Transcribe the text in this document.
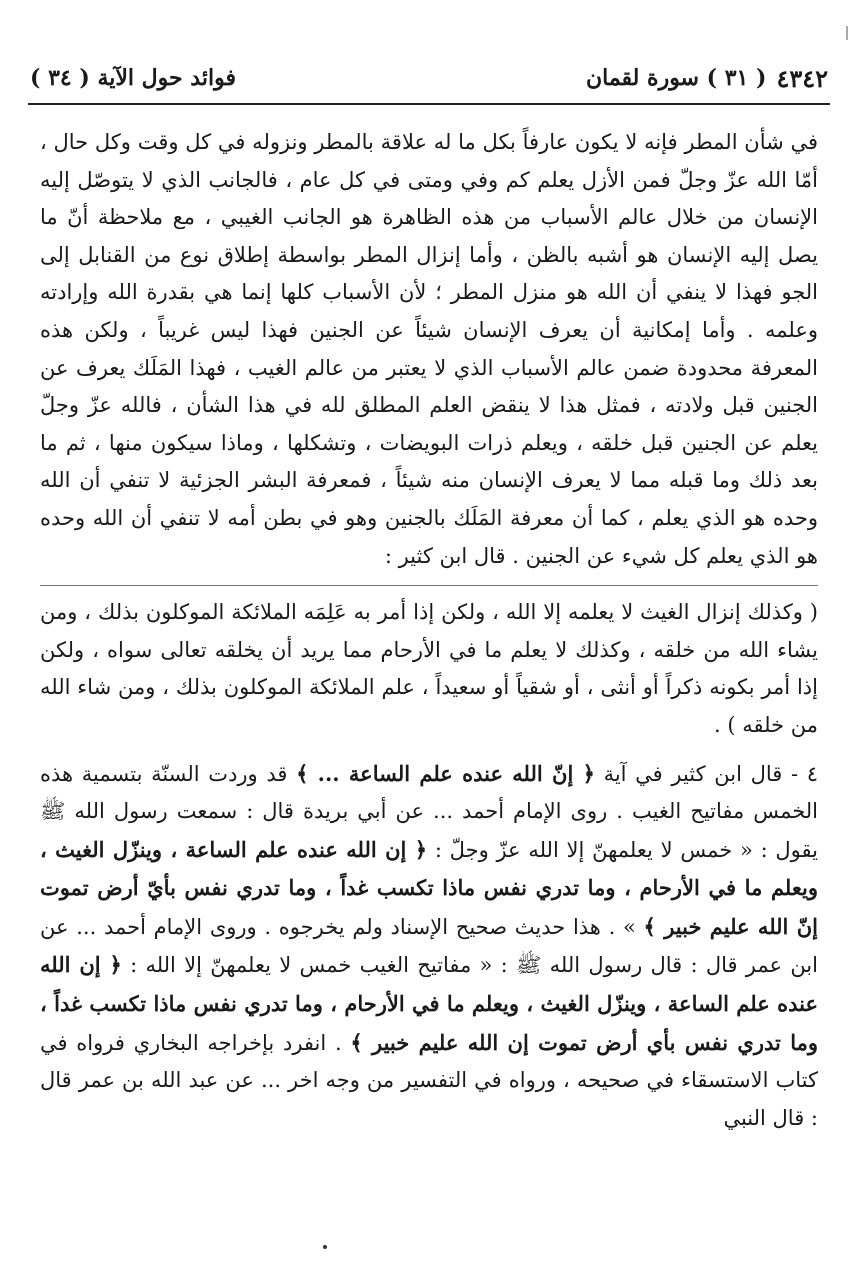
٤٣٤٢
( ٣١ ) سورة لقمان
فوائد حول الآية ( ٣٤ )

في شأن المطر فإنه لا يكون عارفاً بكل ما له علاقة بالمطر ونزوله في كل وقت وكل حال ، أمّا الله عزّ وجلّ فمن الأزل يعلم كم وفي ومتى في كل عام ، فالجانب الذي لا يتوصّل إليه الإنسان من خلال عالم الأسباب من هذه الظاهرة هو الجانب الغيبي ، مع ملاحظة أنّ ما يصل إليه الإنسان هو أشبه بالظن ، وأما إنزال المطر بواسطة إطلاق نوع من القنابل إلى الجو فهذا لا ينفي أن الله هو منزل المطر ؛ لأن الأسباب كلها إنما هي بقدرة الله وإرادته وعلمه . وأما إمكانية أن يعرف الإنسان شيئاً عن الجنين فهذا ليس غريباً ، ولكن هذه المعرفة محدودة ضمن عالم الأسباب الذي لا يعتبر من عالم الغيب ، فهذا المَلَك يعرف عن الجنين قبل ولادته ، فمثل هذا لا ينقض العلم المطلق لله في هذا الشأن ، فالله عزّ وجلّ يعلم عن الجنين قبل خلقه ، ويعلم ذرات البويضات ، وتشكلها ، وماذا سيكون منها ، ثم ما بعد ذلك وما قبله مما لا يعرف الإنسان منه شيئاً ، فمعرفة البشر الجزئية لا تنفي أن الله وحده هو الذي يعلم ، كما أن معرفة المَلَك بالجنين وهو في بطن أمه لا تنفي أن الله وحده هو الذي يعلم كل شيء عن الجنين . قال ابن كثير :

( وكذلك إنزال الغيث لا يعلمه إلا الله ، ولكن إذا أمر به عَلِمَه الملائكة الموكلون بذلك ، ومن يشاء الله من خلقه ، وكذلك لا يعلم ما في الأرحام مما يريد أن يخلقه تعالى سواه ، ولكن إذا أمر بكونه ذكراً أو أنثى ، أو شقياً أو سعيداً ، علم الملائكة الموكلون بذلك ، ومن شاء الله من خلقه ) .

٤ - قال ابن كثير في آية ﴿ إنّ الله عنده علم الساعة ... ﴾ قد وردت السنّة بتسمية هذه الخمس مفاتيح الغيب . روى الإمام أحمد ... عن أبي بريدة قال : سمعت رسول الله ﷺ يقول : « خمس لا يعلمهنّ إلا الله عزّ وجلّ : ﴿ إن الله عنده علم الساعة ، وينزّل الغيث ، ويعلم ما في الأرحام ، وما تدري نفس ماذا تكسب غداً ، وما تدري نفس بأيّ أرض تموت إنّ الله عليم خبير ﴾ » . هذا حديث صحيح الإسناد ولم يخرجوه . وروى الإمام أحمد ... عن ابن عمر قال : قال رسول الله ﷺ : « مفاتيح الغيب خمس لا يعلمهنّ إلا الله : ﴿ إن الله عنده علم الساعة ، وينزّل الغيث ، ويعلم ما في الأرحام ، وما تدري نفس ماذا تكسب غداً ، وما تدري نفس بأي أرض تموت إن الله عليم خبير ﴾ . انفرد بإخراجه البخاري فرواه في كتاب الاستسقاء في صحيحه ، ورواه في التفسير من وجه اخر ... عن عبد الله بن عمر قال : قال النبي
